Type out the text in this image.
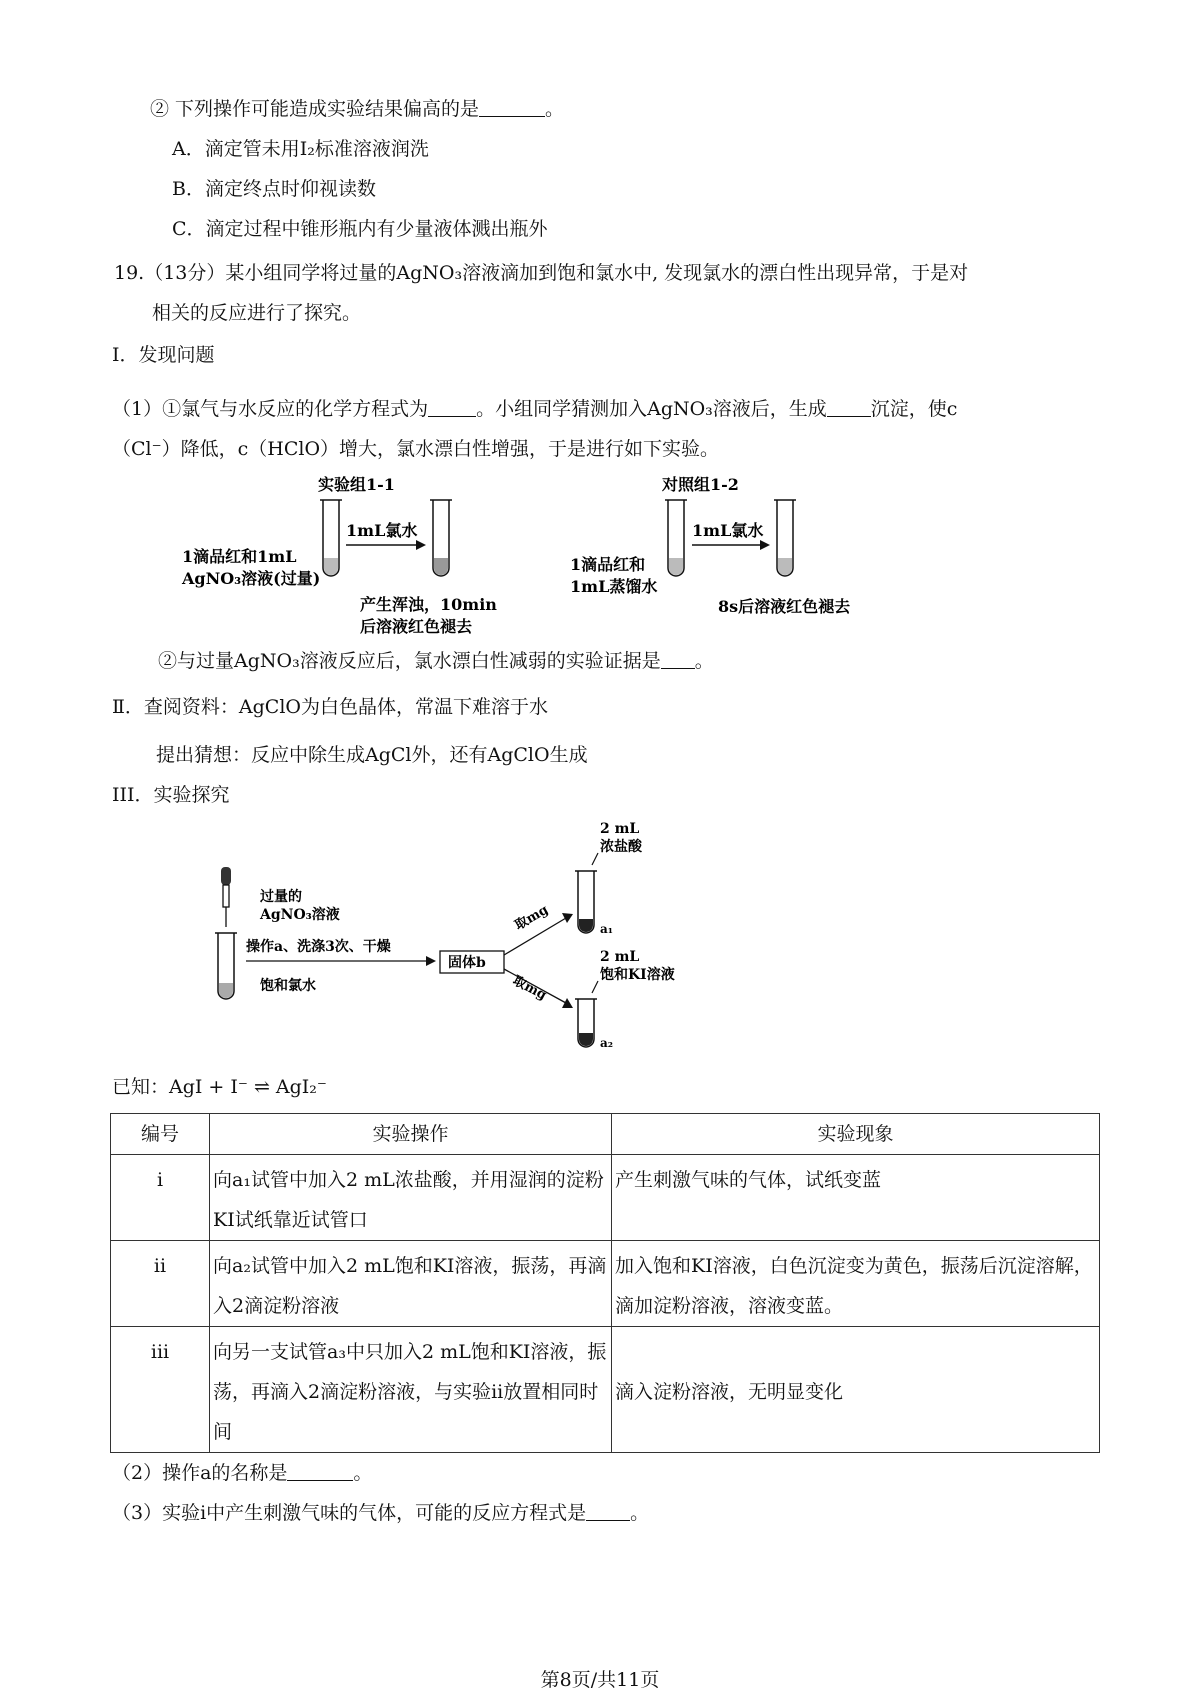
② 下列操作可能造成实验结果偏高的是	。
A．滴定管未用I₂标准溶液润洗
B．滴定终点时仰视读数
C．滴定过程中锥形瓶内有少量液体溅出瓶外
19.（13分）某小组同学将过量的AgNO₃溶液滴加到饱和氯水中, 发现氯水的漂白性出现异常，于是对
相关的反应进行了探究。
I．发现问题
（1）①氯气与水反应的化学方程式为	。小组同学猜测加入AgNO₃溶液后，生成 沉淀，使c
（Cl⁻）降低，c（HClO）增大，氯水漂白性增强，于是进行如下实验。
实验组1-1
1mL氯水
1滴品红和1mL
AgNO₃溶液(过量)
产生浑浊，10min
后溶液红色褪去
对照组1-2
1mL氯水
1滴品红和
1mL蒸馏水
8s后溶液红色褪去
②与过量AgNO₃溶液反应后，氯水漂白性减弱的实验证据是 。
Ⅱ．查阅资料：AgClO为白色晶体，常温下难溶于水
提出猜想：反应中除生成AgCl外，还有AgClO生成
III．实验探究
过量的
AgNO₃溶液
饱和氯水
操作a、洗涤3次、干燥
固体b
取mg
取mg
2 mL
浓盐酸
a₁
2 mL
饱和KI溶液
a₂
已知：AgI + I⁻ ⇌ AgI₂⁻
编号	实验操作	实验现象
i	向a₁试管中加入2 mL浓盐酸，并用湿润的淀粉KI试纸靠近试管口	产生刺激气味的气体，试纸变蓝
ii	向a₂试管中加入2 mL饱和KI溶液，振荡，再滴入2滴淀粉溶液	加入饱和KI溶液，白色沉淀变为黄色，振荡后沉淀溶解，滴加淀粉溶液，溶液变蓝。
iii	向另一支试管a₃中只加入2 mL饱和KI溶液，振荡，再滴入2滴淀粉溶液，与实验ii放置相同时间	滴入淀粉溶液，无明显变化
（2）操作a的名称是	。
（3）实验i中产生刺激气味的气体，可能的反应方程式是 。
第8页/共11页
